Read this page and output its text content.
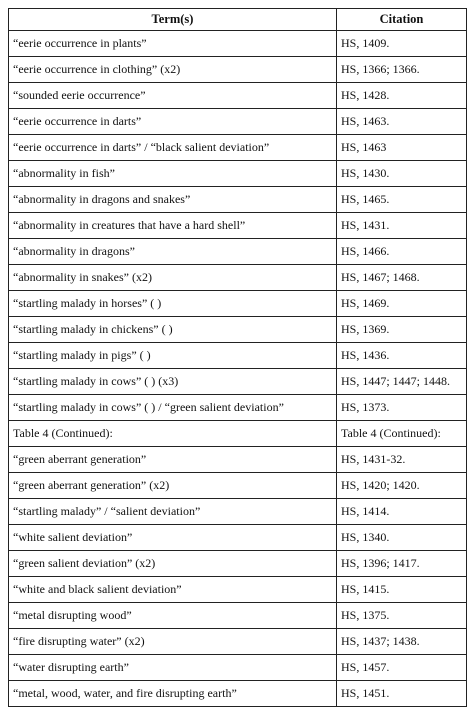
Term(s)	Citation
“eerie occurrence in plants”	HS, 1409.
“eerie occurrence in clothing” (x2)	HS, 1366; 1366.
“sounded eerie occurrence”	HS, 1428.
“eerie occurrence in darts”	HS, 1463.
“eerie occurrence in darts” / “black salient deviation”	HS, 1463
“abnormality in fish”	HS, 1430.
“abnormality in dragons and snakes”	HS, 1465.
“abnormality in creatures that have a hard shell”	HS, 1431.
“abnormality in dragons”	HS, 1466.
“abnormality in snakes” (x2)	HS, 1467; 1468.
“startling malady in horses” ( )	HS, 1469.
“startling malady in chickens” ( )	HS, 1369.
“startling malady in pigs” ( )	HS, 1436.
“startling malady in cows” ( ) (x3)	HS, 1447; 1447; 1448.
“startling malady in cows” ( ) / “green salient deviation”	HS, 1373.
Table 4 (Continued):	Table 4 (Continued):
“green aberrant generation”	HS, 1431-32.
“green aberrant generation” (x2)	HS, 1420; 1420.
“startling malady” / “salient deviation”	HS, 1414.
“white salient deviation”	HS, 1340.
“green salient deviation” (x2)	HS, 1396; 1417.
“white and black salient deviation”	HS, 1415.
“metal disrupting wood”	HS, 1375.
“fire disrupting water” (x2)	HS, 1437; 1438.
“water disrupting earth”	HS, 1457.
“metal, wood, water, and fire disrupting earth”	HS, 1451.
